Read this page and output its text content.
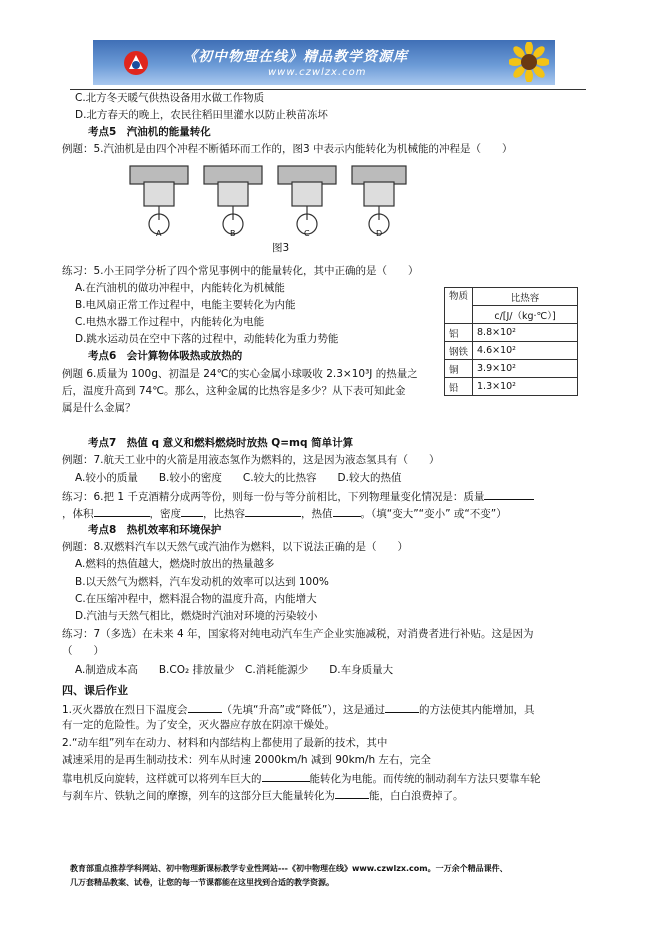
《初中物理在线》精品教学资源库
www.czwlzx.com
C.北方冬天暖气供热设备用水做工作物质
D.北方春天的晚上，农民往稻田里灌水以防止秧苗冻坏
考点5　汽油机的能量转化
例题：5.汽油机是由四个冲程不断循环而工作的，图3 中表示内能转化为机械能的冲程是（　　）
A	B	C	D
图3
练习：5.小王同学分析了四个常见事例中的能量转化，其中正确的是（　　）
A.在汽油机的做功冲程中，内能转化为机械能
B.电风扇正常工作过程中，电能主要转化为内能
C.电热水器工作过程中，内能转化为电能
D.跳水运动员在空中下落的过程中，动能转化为重力势能
考点6　会计算物体吸热或放热的
例题 6.质量为 100g、初温是 24℃的实心金属小球吸收 2.3×10³J 的热量之
后，温度升高到 74℃。那么，这种金属的比热容是多少？从下表可知此金
属是什么金属？
物质	比热容
	c/[J/（kg·℃）]
铝	8.8×10²
钢铁	4.6×10²
铜	3.9×10²
铅	1.3×10²
考点7　热值 q 意义和燃料燃烧时放热 Q=mq 简单计算
例题：7.航天工业中的火箭是用液态氢作为燃料的，这是因为液态氢具有（　　）
A.较小的质量　　B.较小的密度　　C.较大的比热容　　D.较大的热值
练习：6.把 1 千克酒精分成两等份，则每一份与等分前相比，下列物理量变化情况是：质量
，体积	，密度 ，比热容	，热值	。（填“变大”“变小” 或“不变”）
考点8　热机效率和环境保护
例题：8.双燃料汽车以天然气或汽油作为燃料，以下说法正确的是（　　）
A.燃料的热值越大，燃烧时放出的热量越多
B.以天然气为燃料，汽车发动机的效率可以达到 100%
C.在压缩冲程中，燃料混合物的温度升高，内能增大
D.汽油与天然气相比，燃烧时汽油对环境的污染较小
练习：7（多选）在未来 4 年，国家将对纯电动汽车生产企业实施减税，对消费者进行补贴。这是因为
（　　）
A.制造成本高　　B.CO₂ 排放量少　C.消耗能源少　　D.车身质量大
四、课后作业
1.灭火器放在烈日下温度会	（先填“升高”或“降低”），这是通过	的方法使其内能增加，具
有一定的危险性。为了安全，灭火器应存放在阴凉干燥处。
2.“动车组”列车在动力、材料和内部结构上都使用了最新的技术，其中
减速采用的是再生制动技术：列车从时速 2000km/h 减到 90km/h 左右，完全
靠电机反向旋转，这样就可以将列车巨大的	能转化为电能。而传统的制动刹车方法只要靠车轮
与刹车片、铁轨之间的摩擦，列车的这部分巨大能量转化为	能，白白浪费掉了。
教育部重点推荐学科网站、初中物理新课标教学专业性网站---《初中物理在线》www.czwlzx.com。一万余个精品课件、
几万套精品教案、试卷，让您的每一节课都能在这里找到合适的教学资源。
